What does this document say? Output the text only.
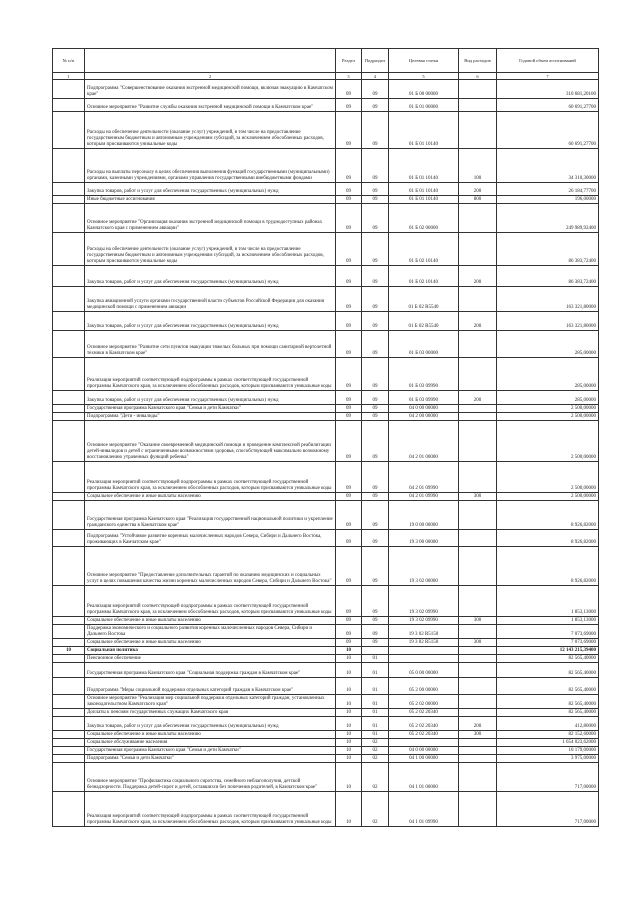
№ п/п		Раздел	Подраздел	Целевая статья	Вид расходов	Годовой объем ассигнований
1	2	3	4	5	6	7
	Подпрограмма "Совершенствование оказания экстренной медицинской помощи, включая эвакуацию в Камчатском крае"	09	09	01 Б 00 00000		310 681,20100
	Основное мероприятие "Развитие службы оказания экстренной медицинской помощи в Камчатском крае"	09	09	01 Б 01 00000		60 691,27700
	Расходы на обеспечение деятельности (оказание услуг) учреждений, в том числе на предоставление государственным бюджетным и автономным учреждениям субсидий, за исключением обособленных расходов, которым присваиваются уникальные коды	09	09	01 Б 01 10140		60 691,27700
	Расходы на выплаты персоналу в целях обеспечения выполнения функций государственными (муниципальными) органами, казенными учреждениями, органами управления государственными внебюджетными фондами	09	09	01 Б 01 10140	100	34 310,30000
	Закупка товаров, работ и услуг для обеспечения государственных (муниципальных) нужд	09	09	01 Б 01 10140	200	26 184,77700
	Иные бюджетные ассигнования	09	09	01 Б 01 10140	800	196,00000
	Основное мероприятие "Организация оказания экстренной медицинской помощи в труднодоступных районах Камчатского края с применением авиации"	09	09	01 Б 02 00000		249 989,92400
	Расходы на обеспечение деятельности (оказание услуг) учреждений, в том числе на предоставление государственным бюджетным и автономным учреждениям субсидий, за исключением обособленных расходов, которым присваиваются уникальные коды	09	09	01 Б 02 10140		86 383,72400
	Закупка товаров, работ и услуг для обеспечения государственных (муниципальных) нужд	09	09	01 Б 02 10140	200	86 383,72400
	Закупка авиационной услуги органами государственной власти субъектов Российской Федерации для оказания медицинской помощи с применением авиации	09	09	01 Б 02 R5540		163 321,80000
	Закупка товаров, работ и услуг для обеспечения государственных (муниципальных) нужд	09	09	01 Б 02 R5540	200	163 321,80000
	Основное мероприятие "Развитие сети пунктов эвакуации тяжелых больных при помощи санитарной вертолетной техники в Камчатском крае"	09	09	01 Б 03 00000		285,00000
	Реализация мероприятий соответствующей подпрограммы в рамках соответствующей государственной программы Камчатского края, за исключением обособленных расходов, которым присваиваются уникальные коды	09	09	01 Б 03 09990		285,00000
	Закупка товаров, работ и услуг для обеспечения государственных (муниципальных) нужд	09	09	01 Б 03 09990	200	285,00000
	Государственная программа Камчатского края "Семья и дети Камчатки"	09	09	04 0 00 00000		2 500,00000
	Подпрограмма "Дети - инвалиды"	09	09	04 2 00 00000		2 500,00000
	Основное мероприятие "Оказание своевременной медицинской помощи и проведение комплексной реабилитации детей-инвалидов и детей с ограниченными возможностями здоровья, способствующей максимально возможному восстановлению утраченных функций ребенка"	09	09	04 2 01 00000		2 500,00000
	Реализация мероприятий соответствующей подпрограммы в рамках соответствующей государственной программы Камчатского края, за исключением обособленных расходов, которым присваиваются уникальные коды	09	09	04 2 01 09990		2 500,00000
	Социальное обеспечение и иные выплаты населению	09	09	04 2 01 09990	300	2 500,00000
	Государственная программа Камчатского края "Реализация государственной национальной политики и укрепление гражданского единства в Камчатском крае"	09	09	19 0 00 00000		8 926,82000
	Подпрограмма "Устойчивое развитие коренных малочисленных народов Севера, Сибири и Дальнего Востока, проживающих в Камчатском крае"	09	09	19 3 00 00000		8 926,82000
	Основное мероприятие "Предоставление дополнительных гарантий по оказанию медицинских и социальных услуг в целях повышения качества жизни коренных малочисленных народов Севера, Сибири и Дальнего Востока"	09	09	19 3 02 00000		8 926,82000
	Реализация мероприятий соответствующей подпрограммы в рамках соответствующей государственной программы Камчатского края, за исключением обособленных расходов, которым присваиваются уникальные коды	09	09	19 3 02 09990		1 853,13000
	Социальное обеспечение и иные выплаты населению	09	09	19 3 02 09990	300	1 853,13000
	Поддержка экономического и социального развития коренных малочисленных народов Севера, Сибири и Дальнего Востока	09	09	19 3 02 R5150		7 073,69000
	Социальное обеспечение и иные выплаты населению	09	09	19 3 02 R5150	300	7 073,69000
10	Социальная политика	10				12 143 215,39400
	Пенсионное обеспечение	10	01			82 565,40000
	Государственная программа Камчатского края "Социальная поддержка граждан в Камчатском крае"	10	01	05 0 00 00000		82 565,40000
	Подпрограмма "Меры социальной поддержки отдельных категорий граждан в Камчатском крае"	10	01	05 2 00 00000		82 565,40000
	Основное мероприятие "Реализация мер социальной поддержки отдельных категорий граждан, установленных законодательством Камчатского края"	10	01	05 2 02 00000		82 565,40000
	Доплаты к пенсиям государственных служащих Камчатского края	10	01	05 2 02 20340		82 565,40000
	Закупка товаров, работ и услуг для обеспечения государственных (муниципальных) нужд	10	01	05 2 02 20340	200	412,80000
	Социальное обеспечение и иные выплаты населению	10	01	05 2 02 20340	300	82 152,60000
	Социальное обслуживание населения	10	02			1 654 023,62000
	Государственная программа Камчатского края "Семья и дети Камчатки"	10	02	04 0 00 00000		10 179,00000
	Подпрограмма "Семья и дети Камчатки"	10	02	04 1 00 00000		3 975,00000
	Основное мероприятие "Профилактика социального сиротства, семейного неблагополучия, детской безнадзорности. Поддержка детей-сирот и детей, оставшихся без попечения родителей, в Камчатском крае"	10	02	04 1 01 00000		717,00000
	Реализация мероприятий соответствующей подпрограммы в рамках соответствующей государственной программы Камчатского края, за исключением обособленных расходов, которым присваиваются уникальные коды	10	02	04 1 01 09990		717,00000
